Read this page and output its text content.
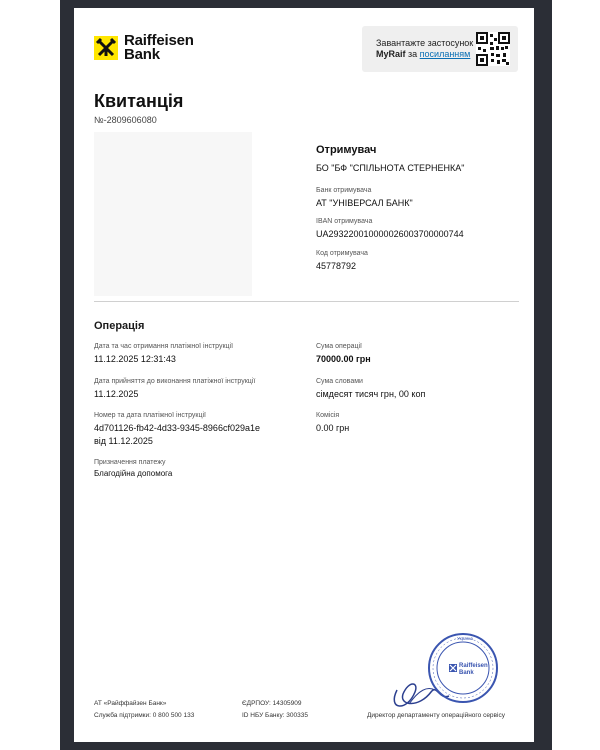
Raiffeisen
Bank
Завантажте застосунок
MyRaif за посиланням
Квитанція
№-2809606080
Отримувач
БО "БФ "СПІЛЬНОТА СТЕРНЕНКА"
Банк отримувача
АТ "УНІВЕРСАЛ БАНК"
IBAN отримувача
UA293220010000026003700000744
Код отримувача
45778792
Операція
Дата та час отримання платіжної інструкції
11.12.2025 12:31:43
Дата прийняття до виконання платіжної інструкції
11.12.2025
Номер та дата платіжної інструкції
4d701126-fb42-4d33-9345-8966cf029a1e
від 11.12.2025
Призначення платежу
Благодійна допомога
Сума операції
70000.00 грн
Сума словами
сімдесят тисяч грн, 00 коп
Комісія
0.00 грн
Raiffeisen
Bank
Україна
АТ «Райффайзен Банк»
Служба підтримки: 0 800 500 133
ЄДРПОУ: 14305909
ID НБУ Банку: 300335	Директор департаменту операційного сервісу
